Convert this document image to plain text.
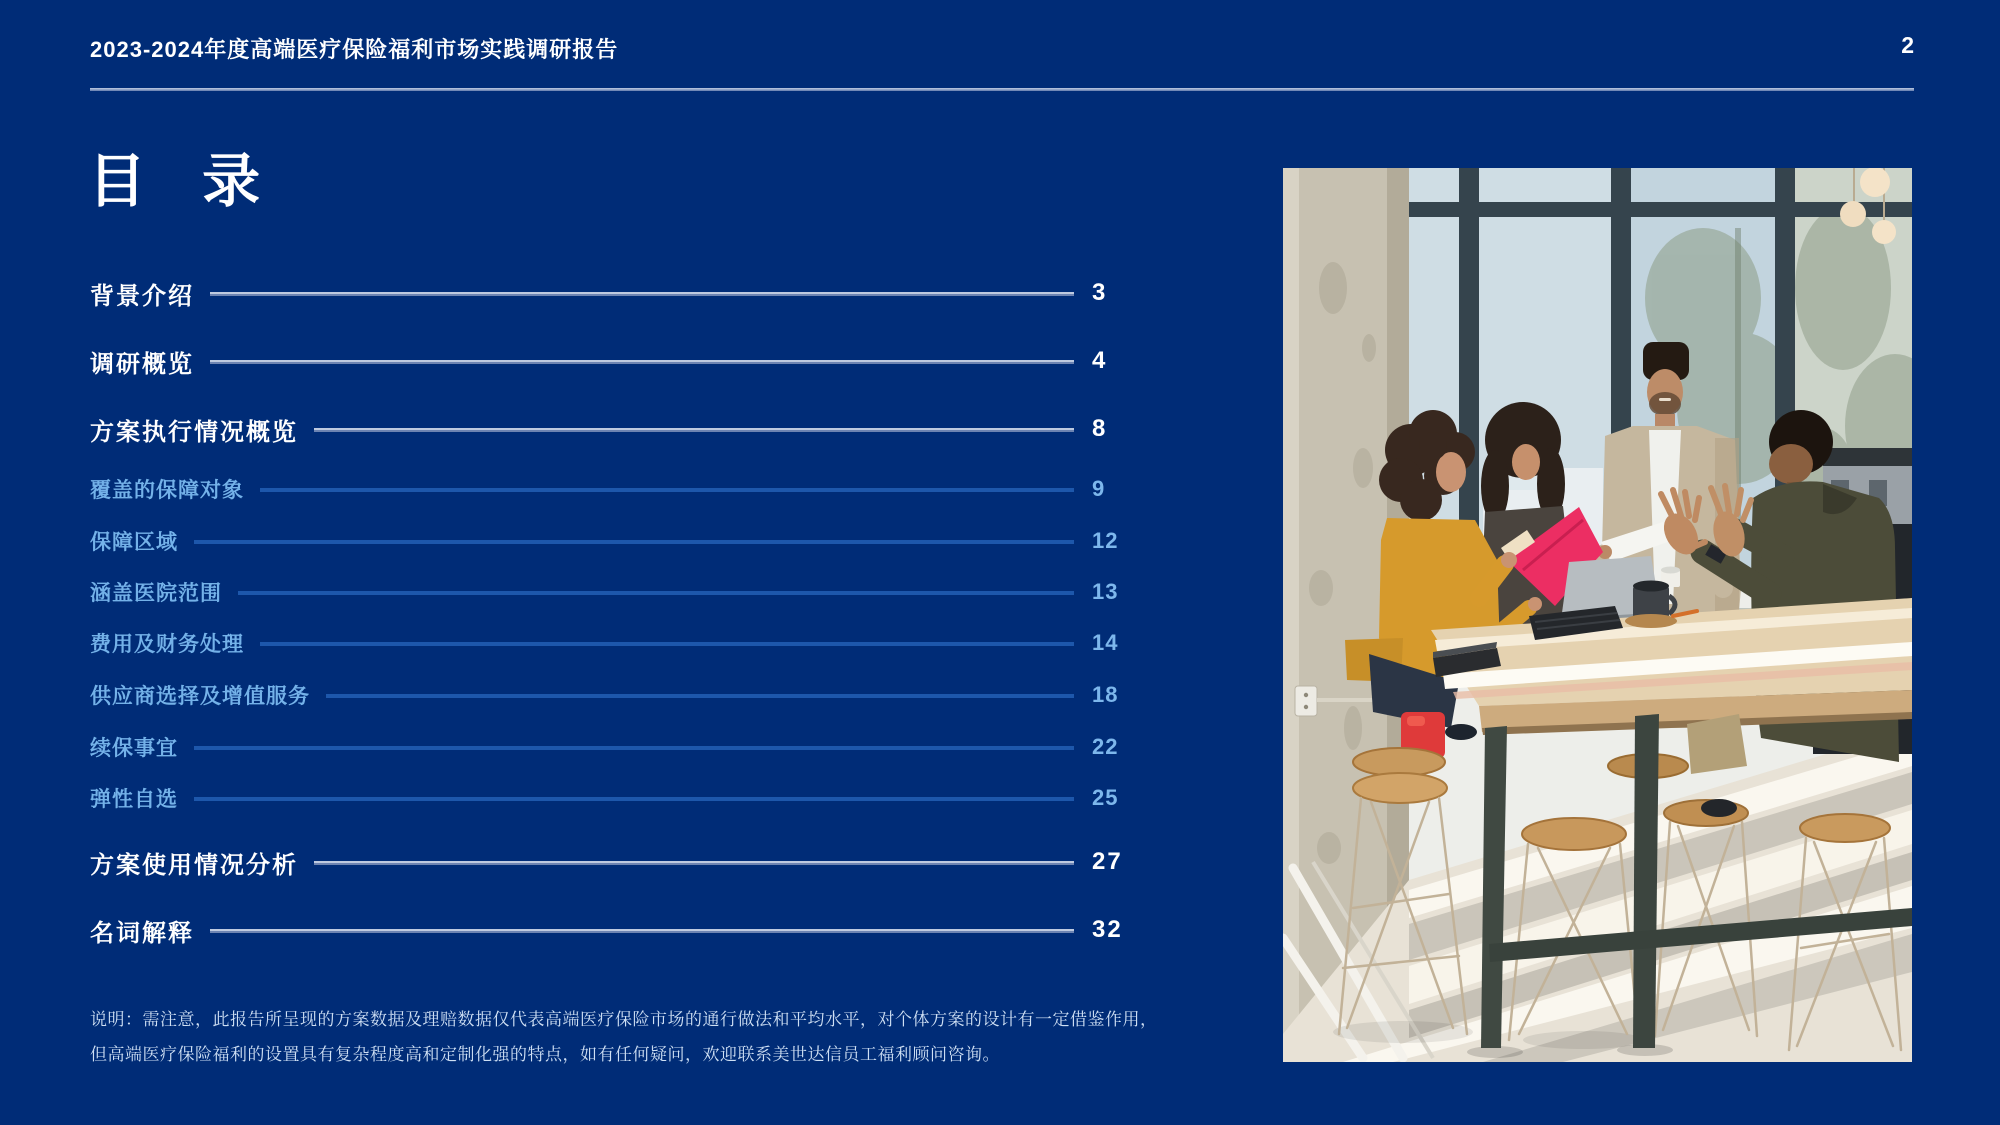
2023-2024年度高端医疗保险福利市场实践调研报告	2
目 录
背景介绍	3
调研概览	4
方案执行情况概览	8
覆盖的保障对象	9
保障区域	12
涵盖医院范围	13
费用及财务处理	14
供应商选择及增值服务	18
续保事宜	22
弹性自选	25
方案使用情况分析	27
名词解释	32
说明：需注意，此报告所呈现的方案数据及理赔数据仅代表高端医疗保险市场的通行做法和平均水平，对个体方案的设计有一定借鉴作用，
但高端医疗保险福利的设置具有复杂程度高和定制化强的特点，如有任何疑问，欢迎联系美世达信员工福利顾问咨询。
